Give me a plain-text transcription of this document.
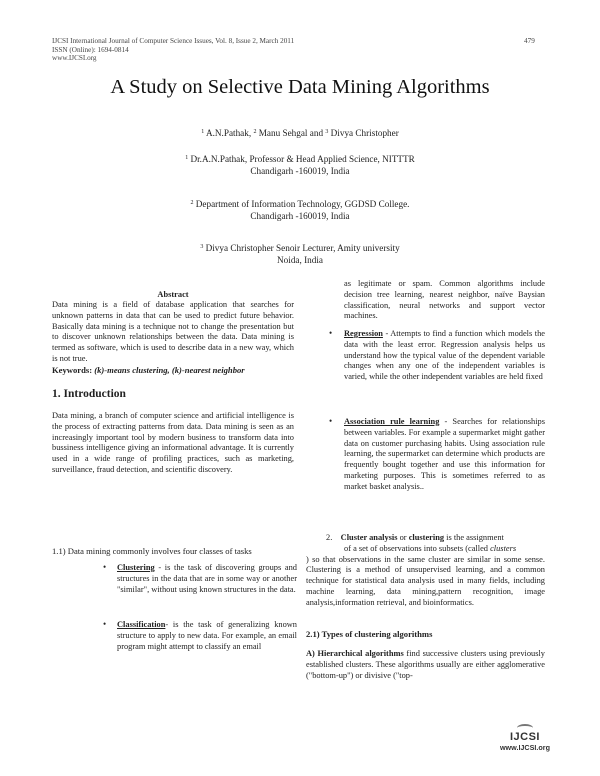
IJCSI International Journal of Computer Science Issues, Vol. 8, Issue 2, March 2011
ISSN (Online): 1694-0814
www.IJCSI.org
479
A Study on Selective Data Mining Algorithms
$^1$ A.N.Pathak, $^2$ Manu Sehgal and $^3$ Divya Christopher
$^1$ Dr.A.N.Pathak, Professor & Head Applied Science, NITTTR
Chandigarh -160019, India
$^2$ Department of Information Technology, GGDSD College.
Chandigarh -160019, India
$^3$ Divya Christopher Senoir Lecturer, Amity university
Noida, India
Abstract
Data mining is a field of database application that searches for unknown patterns in data that can be used to predict future behavior. Basically data mining is a technique not to change the presentation but to discover unknown relationships between the data. Data mining is termed as software, which is used to describe data in a new way, which is not true.
Keywords: (k)-means clustering, (k)-nearest neighbor
1. Introduction
Data mining, a branch of computer science and artificial intelligence is the process of extracting patterns from data. Data mining is seen as an increasingly important tool by modern business to transform data into bussiness intelligence giving an informational advantage. It is currently used in a wide range of profiling practices, such as marketing, surveillance, fraud detection, and scientific discovery.
1.1) Data mining commonly involves four classes of tasks
• Clustering - is the task of discovering groups and structures in the data that are in some way or another "similar", without using known structures in the data.
• Classification- is the task of generalizing known structure to apply to new data. For example, an email program might attempt to classify an email
as legitimate or spam. Common algorithms include decision tree learning, nearest neighbor, naïve Baysian classification, neural networks and support vector machines.
• Regression - Attempts to find a function which models the data with the least error. Regression analysis helps us understand how the typical value of the dependent variable changes when any one of the independent variables is varied, while the other independent variables are held fixed
• Association rule learning - Searches for relationships between variables. For example a supermarket might gather data on customer purchasing habits. Using association rule learning, the supermarket can determine which products are frequently bought together and use this information for marketing purposes. This is sometimes referred to as market basket analysis..
2. Cluster analysis or clustering is the assignment
of a set of observations into subsets (called clusters
) so that observations in the same cluster are similar in some sense. Clustering is a method of unsupervised learning, and a common technique for statistical data analysis used in many fields, including machine learning, data mining,pattern recognition, image analysis,information retrieval, and bioinformatics.
2.1) Types of clustering algorithms
A) Hierarchical algorithms find successive clusters using previously established clusters. These algorithms usually are either agglomerative ("bottom-up") or divisive ("top-
IJCSI
www.IJCSI.org
